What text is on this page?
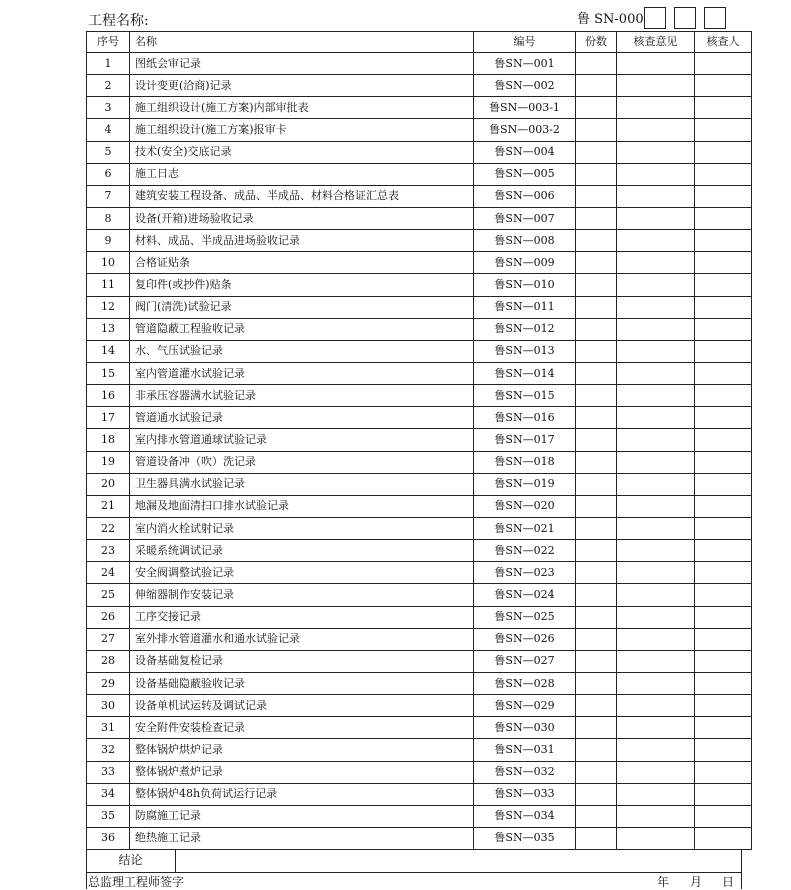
工程名称:	鲁 SN-000
序号	名称	编号	份数	核查意见	核查人
1	图纸会审记录	鲁SN—001			
2	设计变更(洽商)记录	鲁SN—002			
3	施工组织设计(施工方案)内部审批表	鲁SN—003-1			
4	施工组织设计(施工方案)报审卡	鲁SN—003-2			
5	技术(安全)交底记录	鲁SN—004			
6	施工日志	鲁SN—005			
7	建筑安装工程设备、成品、半成品、材料合格证汇总表	鲁SN—006			
8	设备(开箱)进场验收记录	鲁SN—007			
9	材料、成品、半成品进场验收记录	鲁SN—008			
10	合格证贴条	鲁SN—009			
11	复印件(或抄件)贴条	鲁SN—010			
12	阀门(清洗)试验记录	鲁SN—011			
13	管道隐蔽工程验收记录	鲁SN—012			
14	水、气压试验记录	鲁SN—013			
15	室内管道灌水试验记录	鲁SN—014			
16	非承压容器满水试验记录	鲁SN—015			
17	管道通水试验记录	鲁SN—016			
18	室内排水管道通球试验记录	鲁SN—017			
19	管道设备冲（吹）洗记录	鲁SN—018			
20	卫生器具满水试验记录	鲁SN—019			
21	地漏及地面清扫口排水试验记录	鲁SN—020			
22	室内消火栓试射记录	鲁SN—021			
23	采暖系统调试记录	鲁SN—022			
24	安全阀调整试验记录	鲁SN—023			
25	伸缩器制作安装记录	鲁SN—024			
26	工序交接记录	鲁SN—025			
27	室外排水管道灌水和通水试验记录	鲁SN—026			
28	设备基础复检记录	鲁SN—027			
29	设备基础隐蔽验收记录	鲁SN—028			
30	设备单机试运转及调试记录	鲁SN—029			
31	安全附件安装检查记录	鲁SN—030			
32	整体锅炉烘炉记录	鲁SN—031			
33	整体锅炉煮炉记录	鲁SN—032			
34	整体锅炉48h负荷试运行记录	鲁SN—033			
35	防腐施工记录	鲁SN—034			
36	绝热施工记录	鲁SN—035			
结论
总监理工程师签字	年 月 日
